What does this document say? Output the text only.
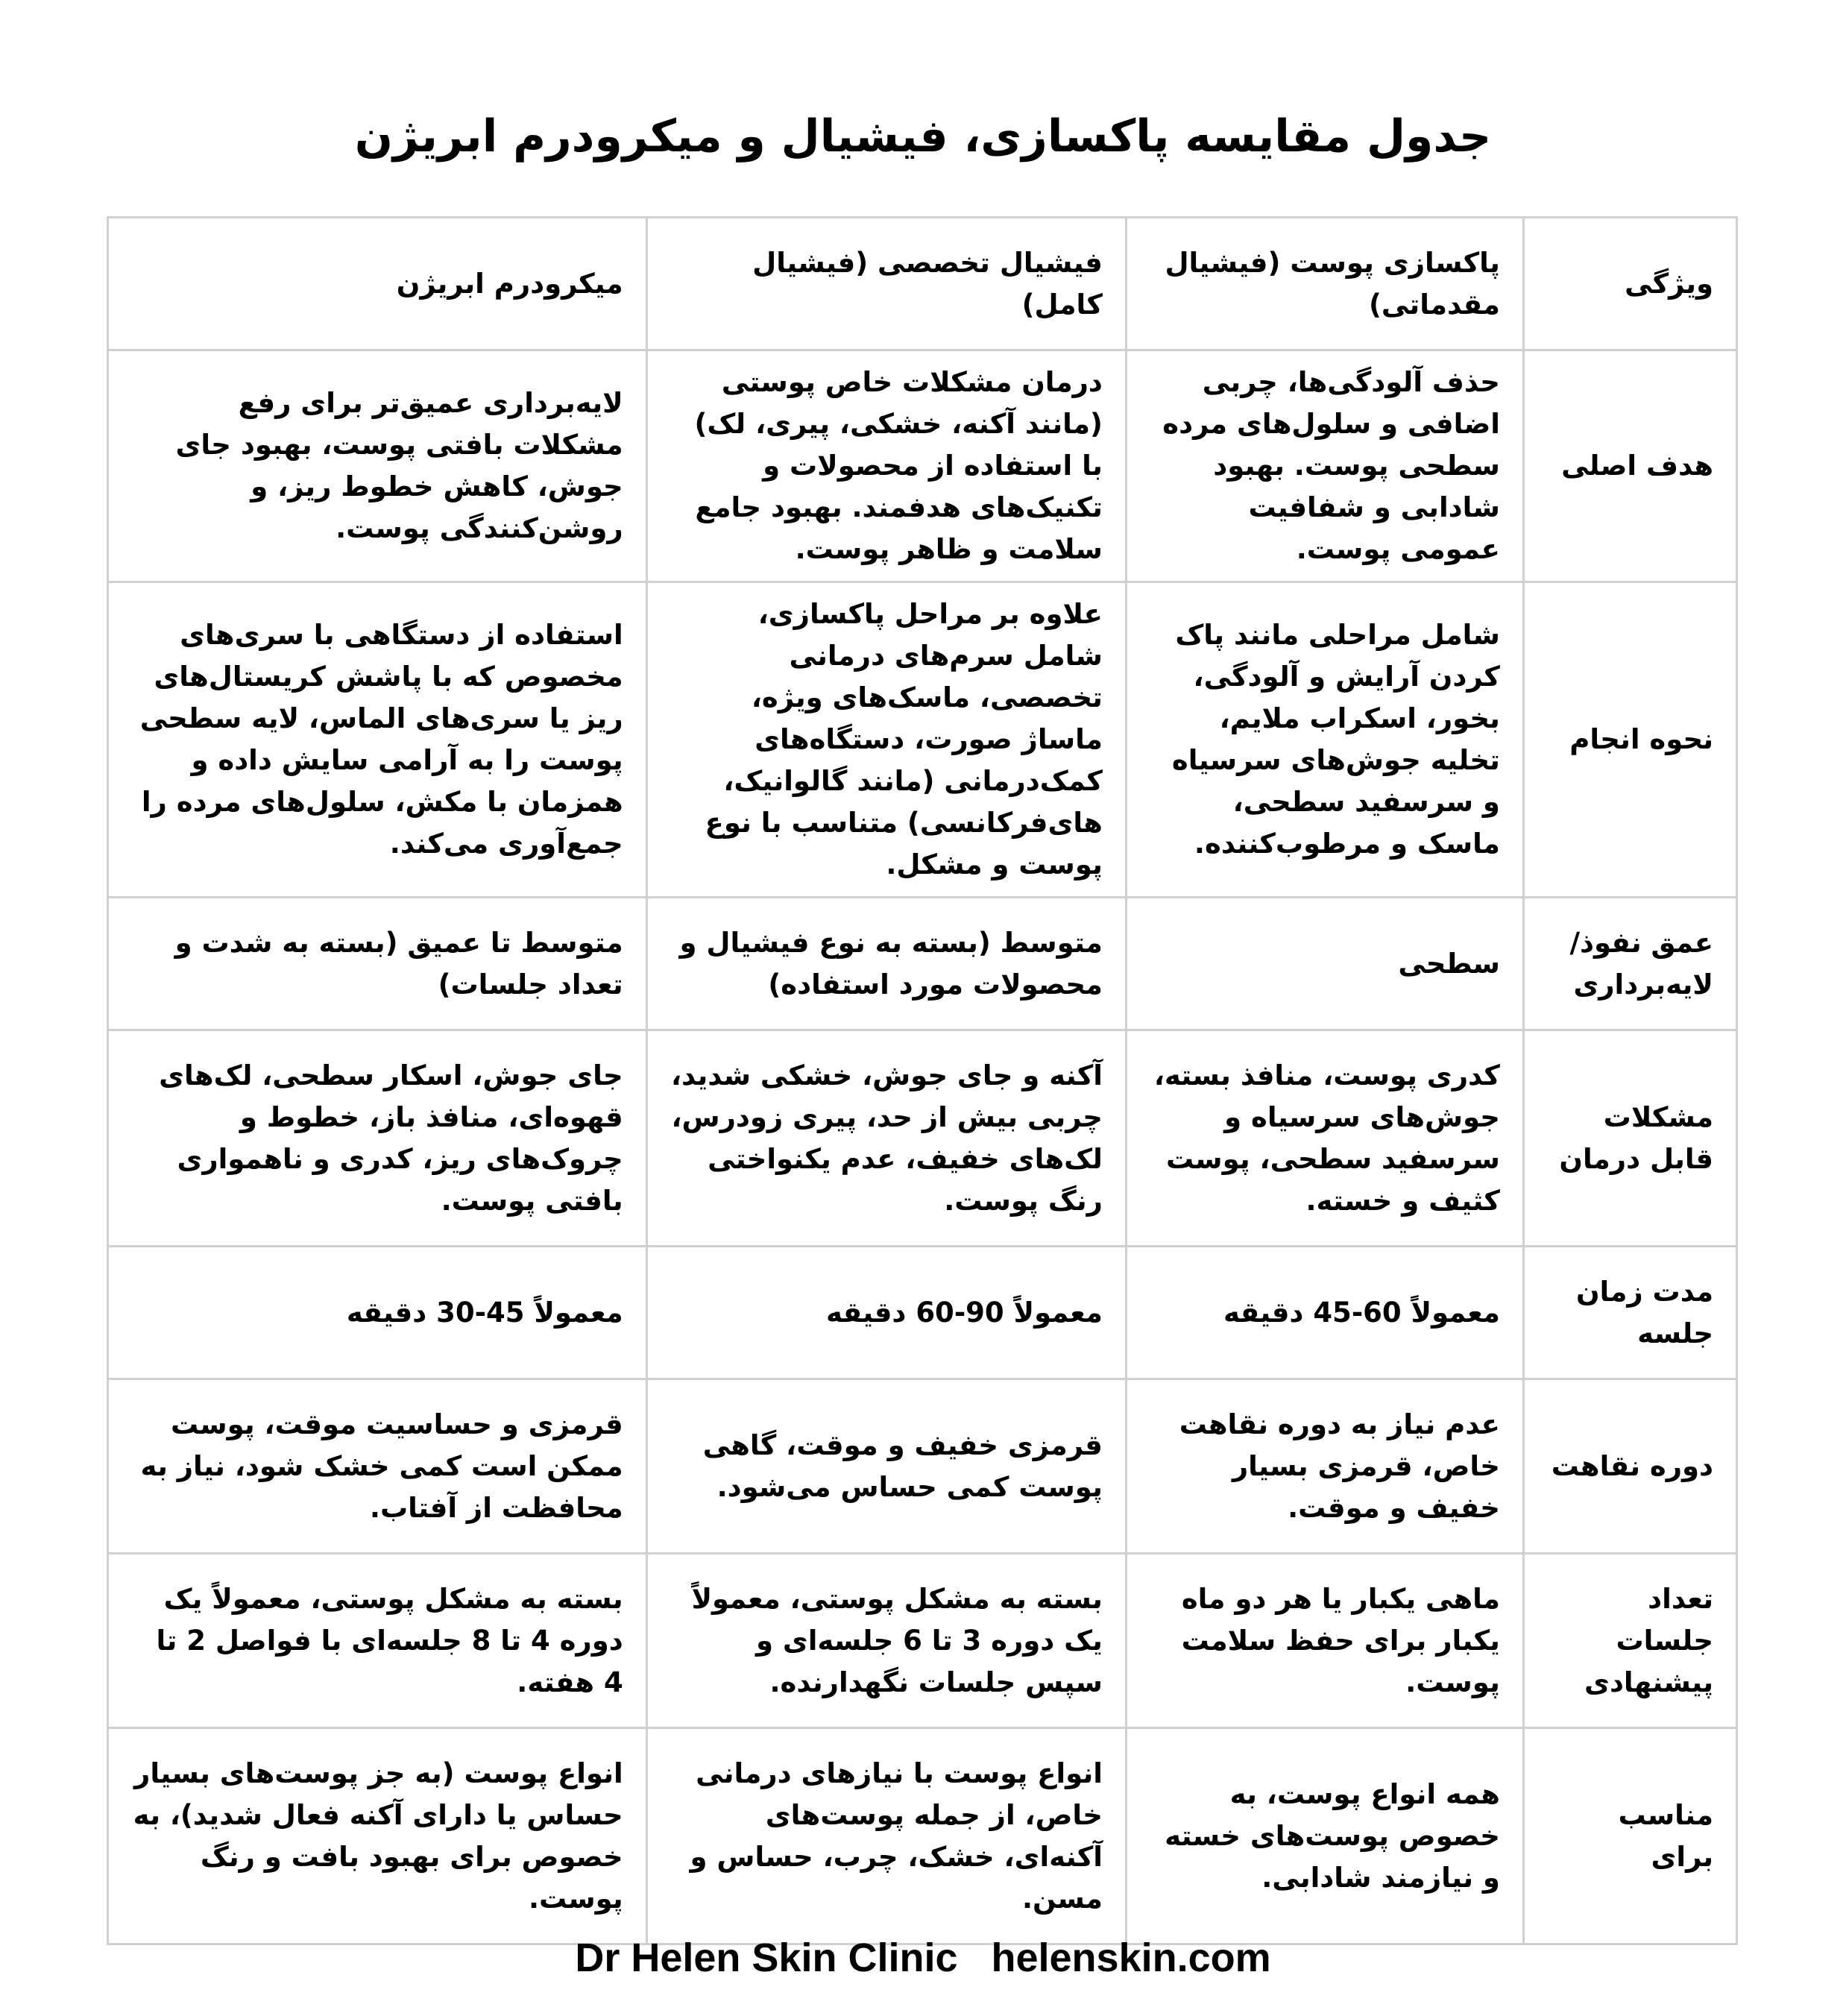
جدول مقایسه پاکسازی، فیشیال و میکرودرم ابریژن
ویژگی	پاکسازی پوست (فیشیال مقدماتی)	فیشیال تخصصی (فیشیال کامل)	میکرودرم ابریژن
هدف اصلی	حذف آلودگی‌ها، چربی اضافی و سلول‌های مرده سطحی پوست. بهبود شادابی و شفافیت عمومی پوست.	درمان مشکلات خاص پوستی (مانند آکنه، خشکی، پیری، لک) با استفاده از محصولات و تکنیک‌های هدفمند. بهبود جامع سلامت و ظاهر پوست.	لایه‌برداری عمیق‌تر برای رفع مشکلات بافتی پوست، بهبود جای جوش، کاهش خطوط ریز، و روشن‌کنندگی پوست.
نحوه انجام	شامل مراحلی مانند پاک کردن آرایش و آلودگی، بخور، اسکراب ملایم، تخلیه جوش‌های سرسیاه و سرسفید سطحی، ماسک و مرطوب‌کننده.	علاوه بر مراحل پاکسازی، شامل سرم‌های درمانی تخصصی، ماسک‌های ویژه، ماساژ صورت، دستگاه‌های کمک‌درمانی (مانند گالوانیک، های‌فرکانسی) متناسب با نوع پوست و مشکل.	استفاده از دستگاهی با سری‌های مخصوص که با پاشش کریستال‌های ریز یا سری‌های الماس، لایه سطحی پوست را به آرامی سایش داده و همزمان با مکش، سلول‌های مرده را جمع‌آوری می‌کند.
عمق نفوذ/ لایه‌برداری	سطحی	متوسط (بسته به نوع فیشیال و محصولات مورد استفاده)	متوسط تا عمیق (بسته به شدت و تعداد جلسات)
مشکلات قابل درمان	کدری پوست، منافذ بسته، جوش‌های سرسیاه و سرسفید سطحی، پوست کثیف و خسته.	آکنه و جای جوش، خشکی شدید، چربی بیش از حد، پیری زودرس، لک‌های خفیف، عدم یکنواختی رنگ پوست.	جای جوش، اسکار سطحی، لک‌های قهوه‌ای، منافذ باز، خطوط و چروک‌های ریز، کدری و ناهمواری بافتی پوست.
مدت زمان جلسه	معمولاً 60-45 دقیقه	معمولاً 90-60 دقیقه	معمولاً 45-30 دقیقه
دوره نقاهت	عدم نیاز به دوره نقاهت خاص، قرمزی بسیار خفیف و موقت.	قرمزی خفیف و موقت، گاهی پوست کمی حساس می‌شود.	قرمزی و حساسیت موقت، پوست ممکن است کمی خشک شود، نیاز به محافظت از آفتاب.
تعداد جلسات پیشنهادی	ماهی یکبار یا هر دو ماه یکبار برای حفظ سلامت پوست.	بسته به مشکل پوستی، معمولاً یک دوره 3 تا 6 جلسه‌ای و سپس جلسات نگهدارنده.	بسته به مشکل پوستی، معمولاً یک دوره 4 تا 8 جلسه‌ای با فواصل 2 تا 4 هفته.
مناسب برای	همه انواع پوست، به خصوص پوست‌های خسته و نیازمند شادابی.	انواع پوست با نیازهای درمانی خاص، از جمله پوست‌های آکنه‌ای، خشک، چرب، حساس و مسن.	انواع پوست (به جز پوست‌های بسیار حساس یا دارای آکنه فعال شدید)، به خصوص برای بهبود بافت و رنگ پوست.
Dr Helen Skin Clinic helenskin.com
